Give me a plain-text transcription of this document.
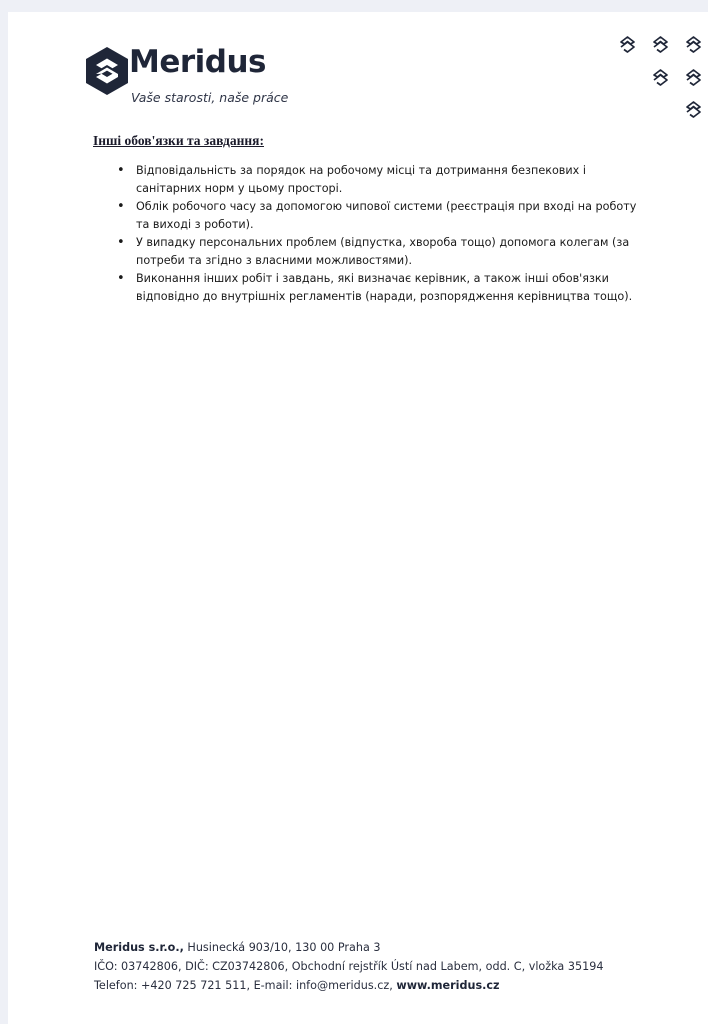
Meridus
Vaše starosti, naše práce
Інші обов'язки та завдання:
• Відповідальність за порядок на робочому місці та дотримання безпекових і санітарних норм у цьому просторі.
• Облік робочого часу за допомогою чипової системи (реєстрація при вході на роботу та виході з роботи).
• У випадку персональних проблем (відпустка, хвороба тощо) допомога колегам (за потреби та згідно з власними можливостями).
• Виконання інших робіт і завдань, які визначає керівник, а також інші обов'язки відповідно до внутрішніх регламентів (наради, розпорядження керівництва тощо).
Meridus s.r.o., Husinecká 903/10, 130 00 Praha 3
IČO: 03742806, DIČ: CZ03742806, Obchodní rejstřík Ústí nad Labem, odd. C, vložka 35194
Telefon: +420 725 721 511, E-mail: info@meridus.cz, www.meridus.cz
